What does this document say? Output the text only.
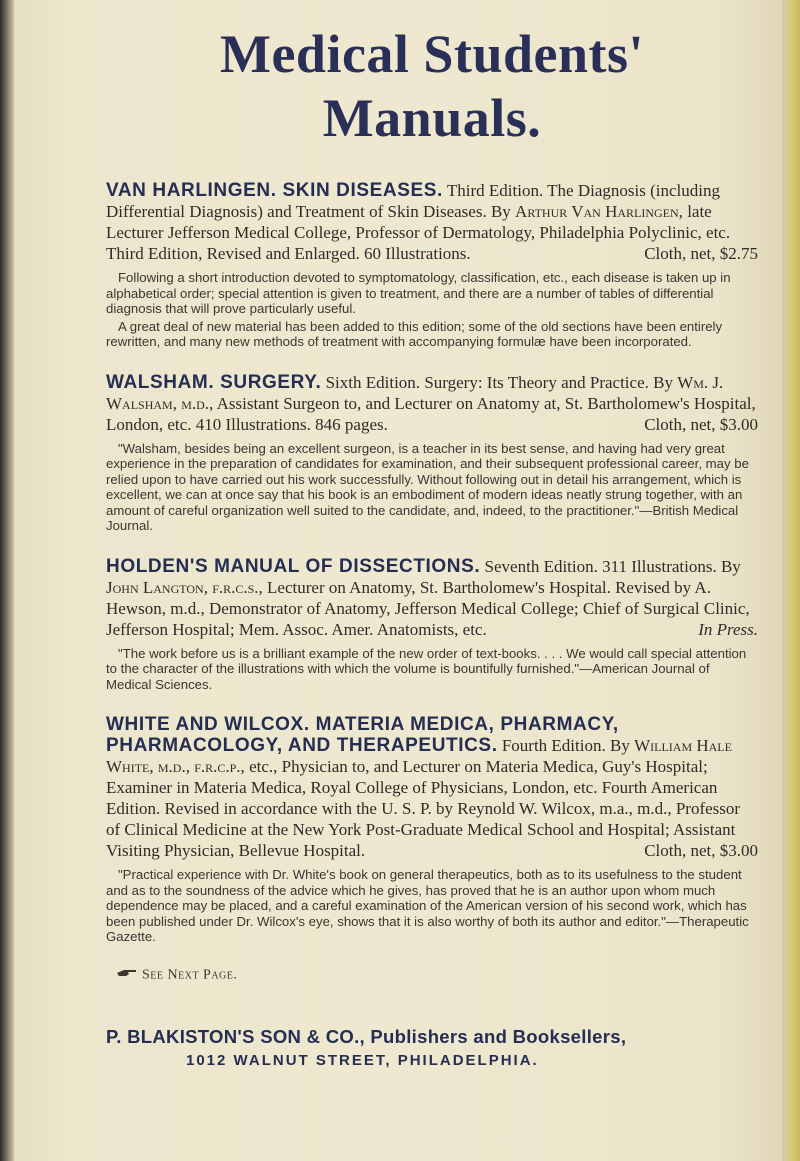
Medical Students' Manuals.

VAN HARLINGEN. SKIN DISEASES. Third Edition. The Diagnosis (including Differential Diagnosis) and Treatment of Skin Diseases. By Arthur Van Harlingen, late Lecturer Jefferson Medical College, Professor of Dermatology, Philadelphia Polyclinic, etc. Third Edition, Revised and Enlarged. 60 Illustrations.	Cloth, net, $2.75

Following a short introduction devoted to symptomatology, classification, etc., each disease is taken up in alphabetical order; special attention is given to treatment, and there are a number of tables of differential diagnosis that will prove particularly useful.

A great deal of new material has been added to this edition; some of the old sections have been entirely rewritten, and many new methods of treatment with accompanying formulæ have been incorporated.

WALSHAM. SURGERY. Sixth Edition. Surgery: Its Theory and Practice. By Wm. J. Walsham, m.d., Assistant Surgeon to, and Lecturer on Anatomy at, St. Bartholomew's Hospital, London, etc. 410 Illustrations. 846 pages.	Cloth, net, $3.00

"Walsham, besides being an excellent surgeon, is a teacher in its best sense, and having had very great experience in the preparation of candidates for examination, and their subsequent professional career, may be relied upon to have carried out his work successfully. Without following out in detail his arrangement, which is excellent, we can at once say that his book is an embodiment of modern ideas neatly strung together, with an amount of careful organization well suited to the candidate, and, indeed, to the practitioner."—British Medical Journal.

HOLDEN'S MANUAL OF DISSECTIONS. Seventh Edition. 311 Illustrations. By John Langton, f.r.c.s., Lecturer on Anatomy, St. Bartholomew's Hospital. Revised by A. Hewson, m.d., Demonstrator of Anatomy, Jefferson Medical College; Chief of Surgical Clinic, Jefferson Hospital; Mem. Assoc. Amer. Anatomists, etc.	In Press.

"The work before us is a brilliant example of the new order of text-books. . . . We would call special attention to the character of the illustrations with which the volume is bountifully furnished."—American Journal of Medical Sciences.

WHITE AND WILCOX. MATERIA MEDICA, PHARMACY, PHARMACOLOGY, AND THERAPEUTICS. Fourth Edition. By William Hale White, m.d., f.r.c.p., etc., Physician to, and Lecturer on Materia Medica, Guy's Hospital; Examiner in Materia Medica, Royal College of Physicians, London, etc. Fourth American Edition. Revised in accordance with the U. S. P. by Reynold W. Wilcox, m.a., m.d., Professor of Clinical Medicine at the New York Post-Graduate Medical School and Hospital; Assistant Visiting Physician, Bellevue Hospital.	Cloth, net, $3.00

"Practical experience with Dr. White's book on general therapeutics, both as to its usefulness to the student and as to the soundness of the advice which he gives, has proved that he is an author upon whom much dependence may be placed, and a careful examination of the American version of his second work, which has been published under Dr. Wilcox's eye, shows that it is also worthy of both its author and editor."—Therapeutic Gazette.

See Next Page.

P. BLAKISTON'S SON & CO., Publishers and Booksellers,

1012 WALNUT STREET, PHILADELPHIA.
